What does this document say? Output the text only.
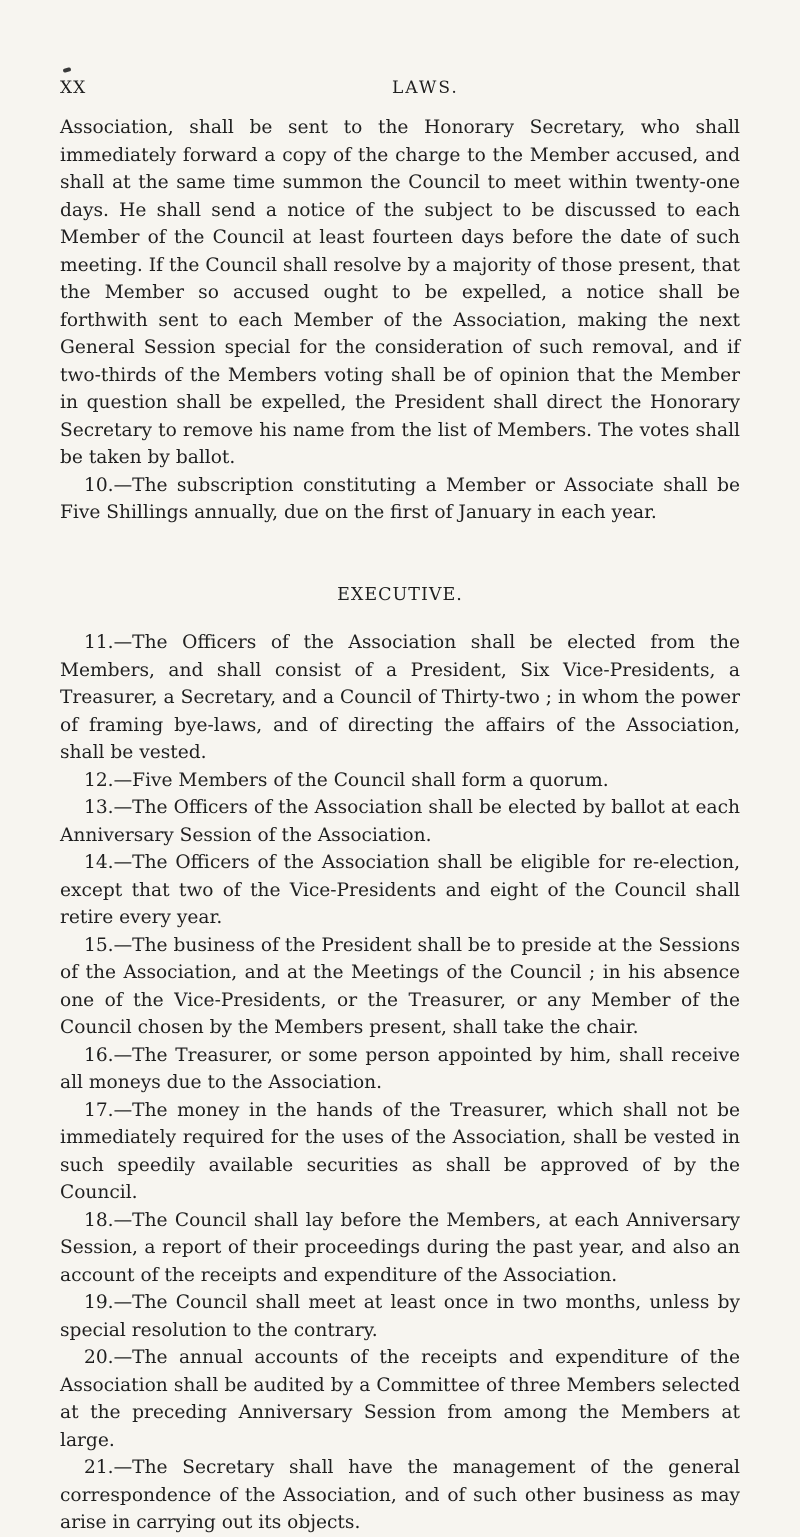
XX	LAWS.

Association, shall be sent to the Honorary Secretary, who shall immediately forward a copy of the charge to the Member accused, and shall at the same time summon the Council to meet within twenty-one days. He shall send a notice of the subject to be discussed to each Member of the Council at least fourteen days before the date of such meeting. If the Council shall resolve by a majority of those present, that the Member so accused ought to be expelled, a notice shall be forthwith sent to each Member of the Association, making the next General Session special for the consideration of such removal, and if two-thirds of the Members voting shall be of opinion that the Member in question shall be expelled, the President shall direct the Honorary Secretary to remove his name from the list of Members. The votes shall be taken by ballot.

10.—The subscription constituting a Member or Associate shall be Five Shillings annually, due on the first of January in each year.

EXECUTIVE.

11.—The Officers of the Association shall be elected from the Members, and shall consist of a President, Six Vice-Presidents, a Treasurer, a Secretary, and a Council of Thirty-two ; in whom the power of framing bye-laws, and of directing the affairs of the Association, shall be vested.

12.—Five Members of the Council shall form a quorum.

13.—The Officers of the Association shall be elected by ballot at each Anniversary Session of the Association.

14.—The Officers of the Association shall be eligible for re-election, except that two of the Vice-Presidents and eight of the Council shall retire every year.

15.—The business of the President shall be to preside at the Sessions of the Association, and at the Meetings of the Council ; in his absence one of the Vice-Presidents, or the Treasurer, or any Member of the Council chosen by the Members present, shall take the chair.

16.—The Treasurer, or some person appointed by him, shall receive all moneys due to the Association.

17.—The money in the hands of the Treasurer, which shall not be immediately required for the uses of the Association, shall be vested in such speedily available securities as shall be approved of by the Council.

18.—The Council shall lay before the Members, at each Anniversary Session, a report of their proceedings during the past year, and also an account of the receipts and expenditure of the Association.

19.—The Council shall meet at least once in two months, unless by special resolution to the contrary.

20.—The annual accounts of the receipts and expenditure of the Association shall be audited by a Committee of three Members selected at the preceding Anniversary Session from among the Members at large.

21.—The Secretary shall have the management of the general correspondence of the Association, and of such other business as may arise in carrying out its objects.
